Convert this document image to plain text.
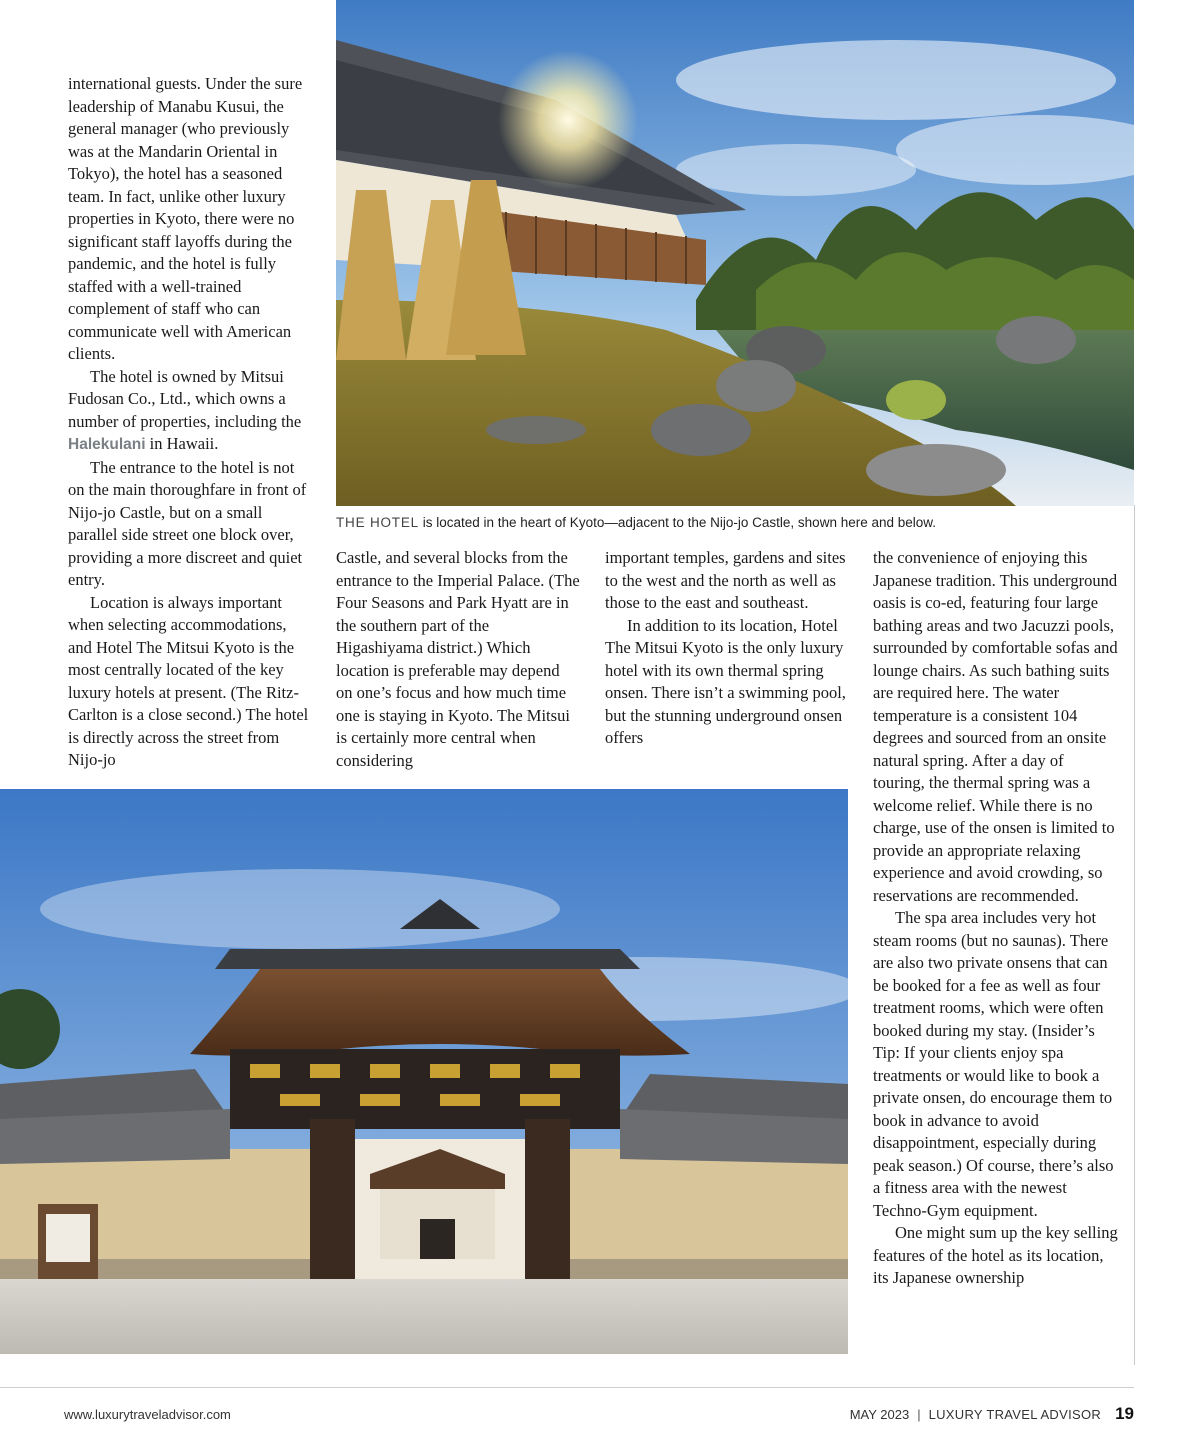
international guests. Under the sure leadership of Manabu Kusui, the general manager (who previously was at the Mandarin Oriental in Tokyo), the hotel has a seasoned team. In fact, unlike other luxury properties in Kyoto, there were no significant staff layoffs during the pandemic, and the hotel is fully staffed with a well-trained complement of staff who can communicate well with American clients.

The hotel is owned by Mitsui Fudosan Co., Ltd., which owns a number of properties, including the Halekulani in Hawaii.

The entrance to the hotel is not on the main thoroughfare in front of Nijo-jo Castle, but on a small parallel side street one block over, providing a more discreet and quiet entry.

Location is always important when selecting accommodations, and Hotel The Mitsui Kyoto is the most centrally located of the key luxury hotels at present. (The Ritz-Carlton is a close second.) The hotel is directly across the street from Nijo-jo

THE HOTEL is located in the heart of Kyoto—adjacent to the Nijo-jo Castle, shown here and below.

Castle, and several blocks from the entrance to the Imperial Palace. (The Four Seasons and Park Hyatt are in the southern part of the Higashiyama district.) Which location is preferable may depend on one’s focus and how much time one is staying in Kyoto. The Mitsui is certainly more central when considering

important temples, gardens and sites to the west and the north as well as those to the east and southeast.

In addition to its location, Hotel The Mitsui Kyoto is the only luxury hotel with its own thermal spring onsen. There isn’t a swimming pool, but the stunning underground onsen offers

the convenience of enjoying this Japanese tradition. This underground oasis is co-ed, featuring four large bathing areas and two Jacuzzi pools, surrounded by comfortable sofas and lounge chairs. As such bathing suits are required here. The water temperature is a consistent 104 degrees and sourced from an onsite natural spring. After a day of touring, the thermal spring was a welcome relief. While there is no charge, use of the onsen is limited to provide an appropriate relaxing experience and avoid crowding, so reservations are recommended.

The spa area includes very hot steam rooms (but no saunas). There are also two private onsens that can be booked for a fee as well as four treatment rooms, which were often booked during my stay. (Insider’s Tip: If your clients enjoy spa treatments or would like to book a private onsen, do encourage them to book in advance to avoid disappointment, especially during peak season.) Of course, there’s also a fitness area with the newest Techno-Gym equipment.

One might sum up the key selling features of the hotel as its location, its Japanese ownership

www.luxurytraveladvisor.com	MAY 2023 | LUXURY TRAVEL ADVISOR 19
